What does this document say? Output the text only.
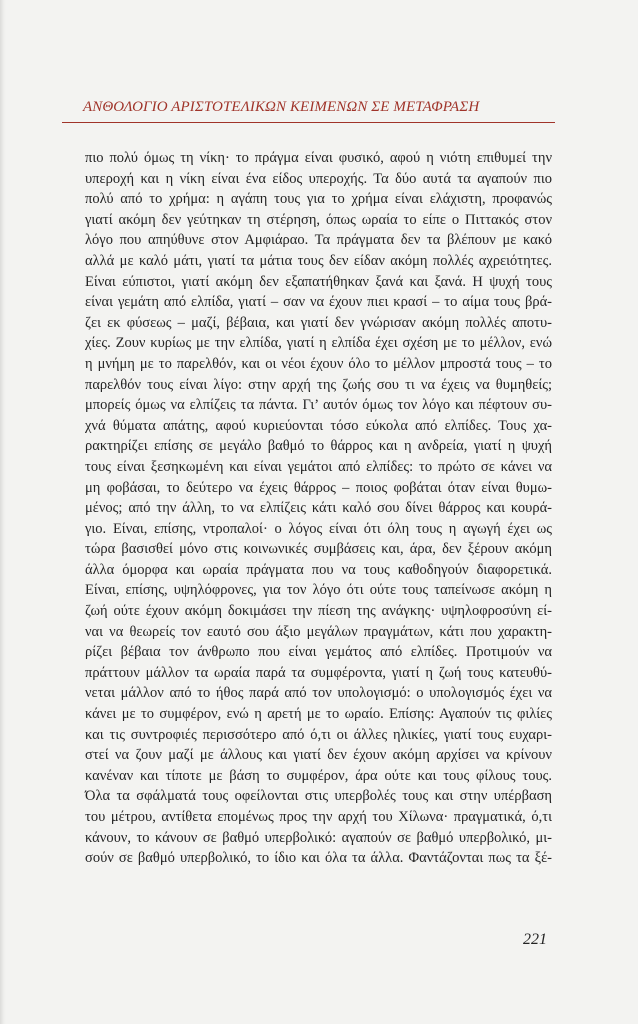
ΑΝΘΟΛΟΓΙΟ ΑΡΙΣΤΟΤΕΛΙΚΩΝ ΚΕΙΜΕΝΩΝ ΣΕ ΜΕΤΑΦΡΑΣΗ
πιο πολύ όμως τη νίκη· το πράγμα είναι φυσικό, αφού η νιότη επιθυμεί την
υπεροχή και η νίκη είναι ένα είδος υπεροχής. Τα δύο αυτά τα αγαπούν πιο
πολύ από το χρήμα: η αγάπη τους για το χρήμα είναι ελάχιστη, προφανώς
γιατί ακόμη δεν γεύτηκαν τη στέρηση, όπως ωραία το είπε ο Πιττακός στον
λόγο που απηύθυνε στον Αμφιάραο. Τα πράγματα δεν τα βλέπουν με κακό
αλλά με καλό μάτι, γιατί τα μάτια τους δεν είδαν ακόμη πολλές αχρειότητες.
Είναι εύπιστοι, γιατί ακόμη δεν εξαπατήθηκαν ξανά και ξανά. Η ψυχή τους
είναι γεμάτη από ελπίδα, γιατί – σαν να έχουν πιει κρασί – το αίμα τους βρά-
ζει εκ φύσεως – μαζί, βέβαια, και γιατί δεν γνώρισαν ακόμη πολλές αποτυ-
χίες. Ζουν κυρίως με την ελπίδα, γιατί η ελπίδα έχει σχέση με το μέλλον, ενώ
η μνήμη με το παρελθόν, και οι νέοι έχουν όλο το μέλλον μπροστά τους – το
παρελθόν τους είναι λίγο: στην αρχή της ζωής σου τι να έχεις να θυμηθείς;
μπορείς όμως να ελπίζεις τα πάντα. Γι’ αυτόν όμως τον λόγο και πέφτουν συ-
χνά θύματα απάτης, αφού κυριεύονται τόσο εύκολα από ελπίδες. Τους χα-
ρακτηρίζει επίσης σε μεγάλο βαθμό το θάρρος και η ανδρεία, γιατί η ψυχή
τους είναι ξεσηκωμένη και είναι γεμάτοι από ελπίδες: το πρώτο σε κάνει να
μη φοβάσαι, το δεύτερο να έχεις θάρρος – ποιος φοβάται όταν είναι θυμω-
μένος; από την άλλη, το να ελπίζεις κάτι καλό σου δίνει θάρρος και κουρά-
γιο. Είναι, επίσης, ντροπαλοί· ο λόγος είναι ότι όλη τους η αγωγή έχει ως
τώρα βασισθεί μόνο στις κοινωνικές συμβάσεις και, άρα, δεν ξέρουν ακόμη
άλλα όμορφα και ωραία πράγματα που να τους καθοδηγούν διαφορετικά.
Είναι, επίσης, υψηλόφρονες, για τον λόγο ότι ούτε τους ταπείνωσε ακόμη η
ζωή ούτε έχουν ακόμη δοκιμάσει την πίεση της ανάγκης· υψηλοφροσύνη εί-
ναι να θεωρείς τον εαυτό σου άξιο μεγάλων πραγμάτων, κάτι που χαρακτη-
ρίζει βέβαια τον άνθρωπο που είναι γεμάτος από ελπίδες. Προτιμούν να
πράττουν μάλλον τα ωραία παρά τα συμφέροντα, γιατί η ζωή τους κατευθύ-
νεται μάλλον από το ήθος παρά από τον υπολογισμό: ο υπολογισμός έχει να
κάνει με το συμφέρον, ενώ η αρετή με το ωραίο. Επίσης: Αγαπούν τις φιλίες
και τις συντροφιές περισσότερο από ό,τι οι άλλες ηλικίες, γιατί τους ευχαρι-
στεί να ζουν μαζί με άλλους και γιατί δεν έχουν ακόμη αρχίσει να κρίνουν
κανέναν και τίποτε με βάση το συμφέρον, άρα ούτε και τους φίλους τους.
Όλα τα σφάλματά τους οφείλονται στις υπερβολές τους και στην υπέρβαση
του μέτρου, αντίθετα επομένως προς την αρχή του Χίλωνα· πραγματικά, ό,τι
κάνουν, το κάνουν σε βαθμό υπερβολικό: αγαπούν σε βαθμό υπερβολικό, μι-
σούν σε βαθμό υπερβολικό, το ίδιο και όλα τα άλλα. Φαντάζονται πως τα ξέ-
221
